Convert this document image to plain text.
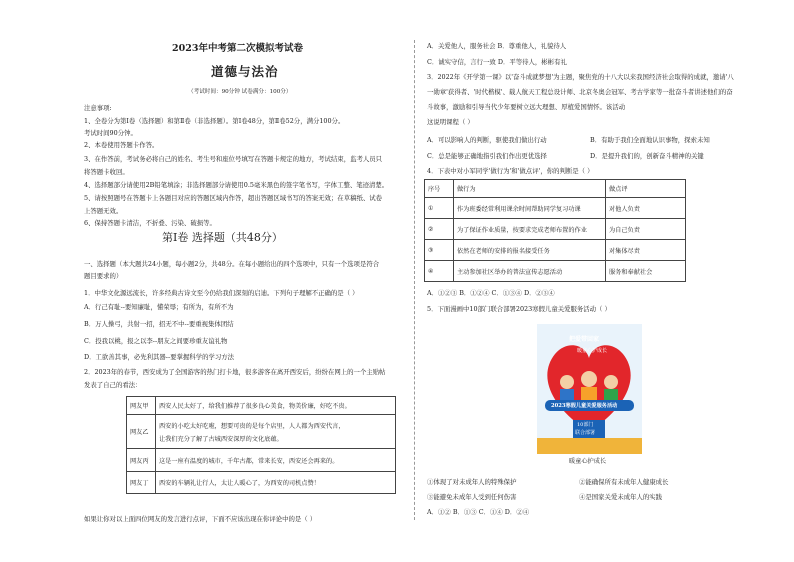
2023年中考第二次模拟考试卷
道德与法治
（考试时间：90分钟 试卷满分：100分）
注意事项:
1、全卷分为第Ⅰ卷（选择题）和第Ⅱ卷（非选择题）。第Ⅰ卷48分，第Ⅱ卷52分，满分100分。
考试时间90分钟。
2、本卷使用答题卡作答。
3、在作答前，考试务必将自己的姓名、考生号和座位号填写在答题卡规定的地方，考试结束，监考人员只
将答题卡收回。
4、选择题部分请使用2B铅笔填涂；非选择题部分请使用0.5毫米黑色的签字笔书写，字体工整、笔迹清楚。
5、请按照题号在答题卡上各题目对应的答题区域内作答，超出答题区域书写的答案无效；在草稿纸、试卷
上答题无效。
6、保持答题卡清洁，不折叠、污染、破损等。
第Ⅰ卷 选择题（共48分）
一、选择题（本大题共24小题，每小题2分，共48分。在每小题给出的四个选项中，只有一个选项是符合
题目要求的）
1．中华文化源远流长，许多经典古诗文至今仍给我们深刻的启迪。下列句子理解不正确的是（ ）
A．行己有耻--要知廉耻，懂荣辱；有所为，有所不为
B．万人操弓，共射一招，招无不中--要重视集体团结
C．投我以桃，报之以李--朋友之间要珍重友谊礼物
D．工欲善其事，必先利其器--要掌握科学的学习方法
2．2023年的春节，西安成为了全国游客的热门打卡地，很多游客在离开西安后，纷纷在网上的一个主贴帖
发表了自己的看法：
网友甲	西安人民太好了，给我们推荐了很多良心美食，物美价廉，好吃不贵。
网友乙	西安的小吃太好吃啦，想要可贵的是每个店里，人人都为西安代言，
让我们充分了解了古城西安深厚的文化底蕴。

网友丙	这是一座有温度的城市，千年古都，常来长安，西安还会再来的。
网友丁	西安的车辆礼让行人，太让人暖心了，为西安的司机点赞！
如果让你对以上面四位网友的发言进行点评，下面不应该出现在你评论中的是（ ）
A．关爱他人，服务社会 B．尊重他人，礼貌待人
C．诚实守信，言行一致 D．平等待人，彬彬有礼
3．2022年《开学第一课》以'奋斗成就梦想'为主题，聚焦党的十八大以来我国经济社会取得的成就，邀请'八
一勋章'获得者、'时代楷模'、载人航天工程总设计师、北京冬奥会冠军、考古学家等一批奋斗者讲述他们的奋
斗故事，激励和引导当代少年要树立远大理想、厚植爱国情怀。该活动
这说明课程（ ）
A．可以影响人的判断，驱使我们做出行动	B．有助于我们全面地认识事物，探索未知
C．总是能够正确地指引我们作出更优选择	D．是提升我们的，创新奋斗精神的关键
4．下表中对小军同学'做行为'和'做点评'，你的判断是（ ）
序号	做行为	做点评
①	作为班委经常利用课余时间帮助同学复习功课	对他人负责
②	为了保证作业质量，按要求完成老师布置的作业	为自己负责
③	依然在老师的安排的报名接受任务	对集体尽责
④	主动参加社区举办的普法宣传志愿活动	服务和奉献社会
A．①②③ B．①②④ C．①③④ D．②③④
5．下面漫画中10部门联合部署2023寒假儿童关爱服务活动（ ）
①体现了对未成年人的特殊保护	②能确保所有未成年人健康成长
③能避免未成年人受到任何伤害	④是国家关爱未成年人的实践
A．①② B．①③ C．①④ D．②④
把爱带回家
暖童心护成长
2023寒假儿童关爱服务活动
10部门
联合部署
暖童心护成长
